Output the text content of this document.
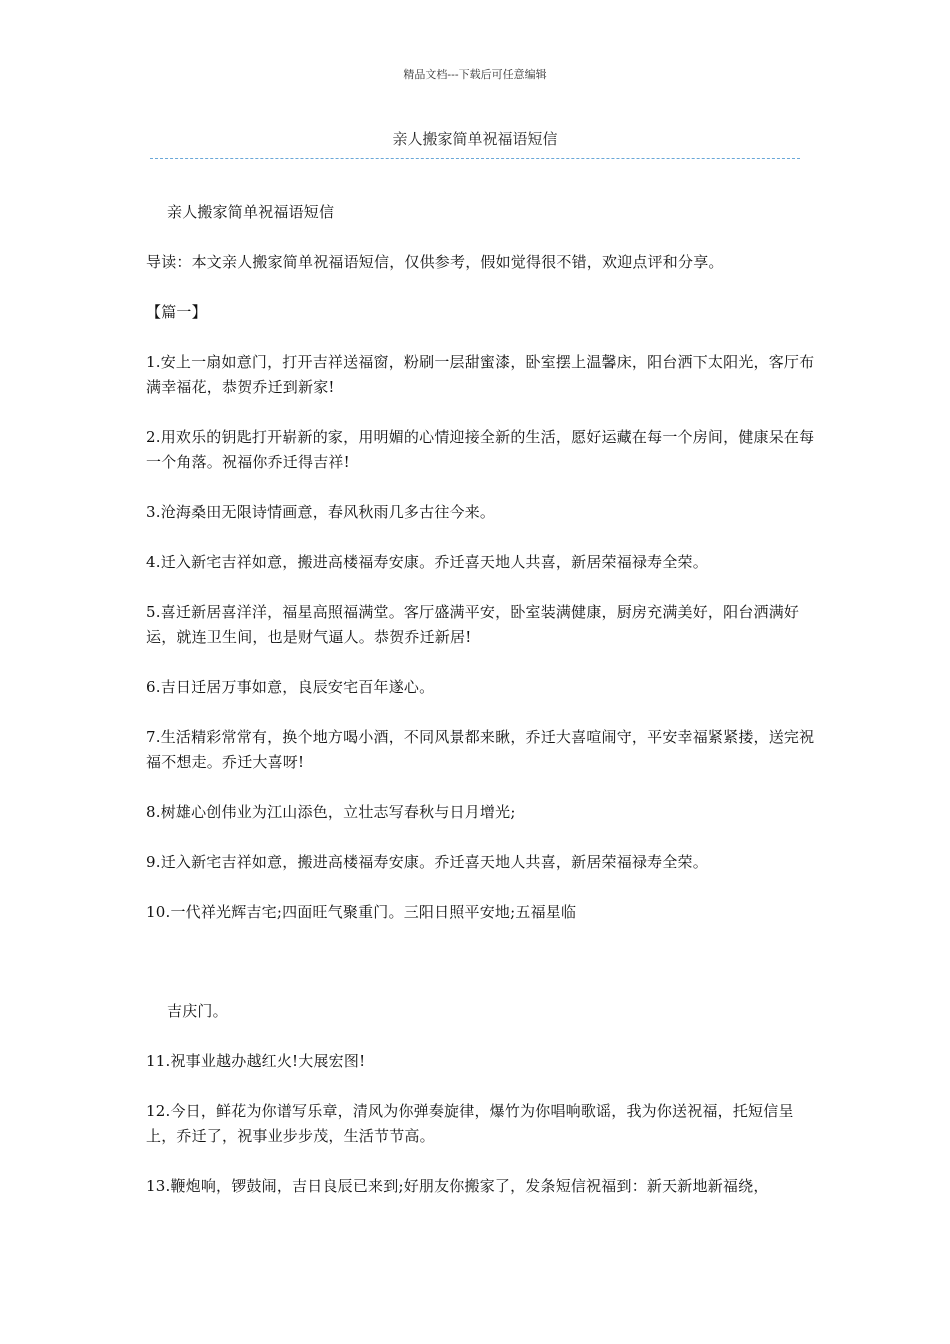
精品文档---下载后可任意编辑
亲人搬家简单祝福语短信

亲人搬家简单祝福语短信

导读：本文亲人搬家简单祝福语短信，仅供参考，假如觉得很不错，欢迎点评和分享。

【篇一】

1.安上一扇如意门，打开吉祥送福窗，粉刷一层甜蜜漆，卧室摆上温馨床，阳台洒下太阳光，客厅布满幸福花，恭贺乔迁到新家!

2.用欢乐的钥匙打开崭新的家，用明媚的心情迎接全新的生活，愿好运藏在每一个房间，健康呆在每一个角落。祝福你乔迁得吉祥!

3.沧海桑田无限诗情画意，春风秋雨几多古往今来。

4.迁入新宅吉祥如意，搬进高楼福寿安康。乔迁喜天地人共喜，新居荣福禄寿全荣。

5.喜迁新居喜洋洋，福星高照福满堂。客厅盛满平安，卧室装满健康，厨房充满美好，阳台洒满好运，就连卫生间，也是财气逼人。恭贺乔迁新居!

6.吉日迁居万事如意，良辰安宅百年遂心。

7.生活精彩常常有，换个地方喝小酒，不同风景都来瞅，乔迁大喜喧闹守，平安幸福紧紧搂，送完祝福不想走。乔迁大喜呀!

8.树雄心创伟业为江山添色，立壮志写春秋与日月增光;

9.迁入新宅吉祥如意，搬进高楼福寿安康。乔迁喜天地人共喜，新居荣福禄寿全荣。

10.一代祥光辉吉宅;四面旺气聚重门。三阳日照平安地;五福星临

吉庆门。

11.祝事业越办越红火!大展宏图!

12.今日，鲜花为你谱写乐章，清风为你弹奏旋律，爆竹为你唱响歌谣，我为你送祝福，托短信呈上，乔迁了，祝事业步步茂，生活节节高。

13.鞭炮响，锣鼓闹，吉日良辰已来到;好朋友你搬家了，发条短信祝福到：新天新地新福绕，
